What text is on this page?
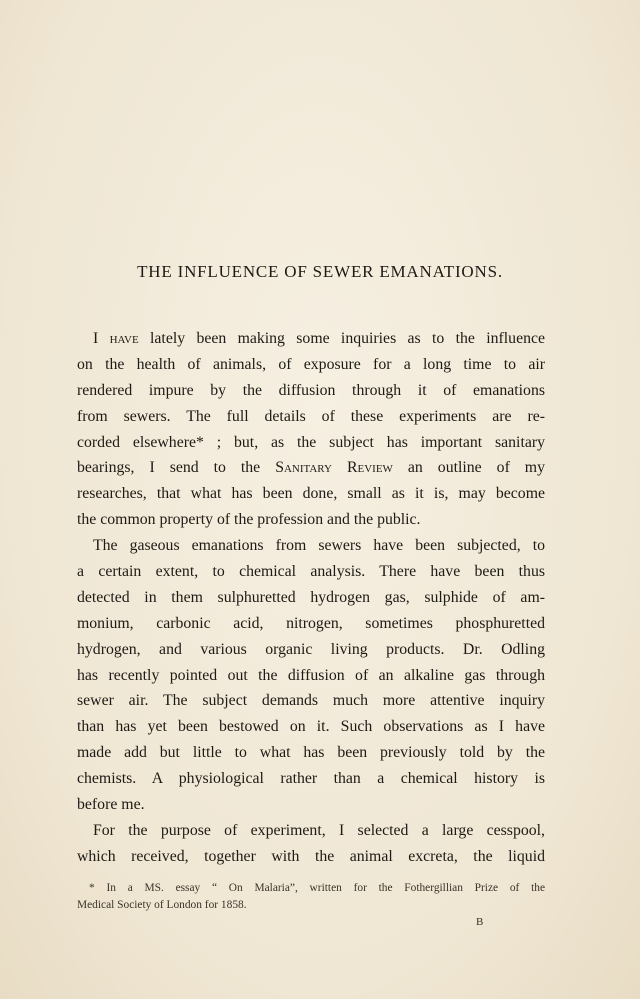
THE INFLUENCE OF SEWER EMANATIONS.
I have lately been making some inquiries as to the influence
on the health of animals, of exposure for a long time to air
rendered impure by the diffusion through it of emanations
from sewers. The full details of these experiments are re-
corded elsewhere* ; but, as the subject has important sanitary
bearings, I send to the Sanitary Review an outline of my
researches, that what has been done, small as it is, may become
the common property of the profession and the public.
The gaseous emanations from sewers have been subjected, to
a certain extent, to chemical analysis. There have been thus
detected in them sulphuretted hydrogen gas, sulphide of am-
monium, carbonic acid, nitrogen, sometimes phosphuretted
hydrogen, and various organic living products. Dr. Odling
has recently pointed out the diffusion of an alkaline gas through
sewer air. The subject demands much more attentive inquiry
than has yet been bestowed on it. Such observations as I have
made add but little to what has been previously told by the
chemists. A physiological rather than a chemical history is
before me.
For the purpose of experiment, I selected a large cesspool,
which received, together with the animal excreta, the liquid
* In a MS. essay “ On Malaria”, written for the Fothergillian Prize of the
Medical Society of London for 1858.
B
